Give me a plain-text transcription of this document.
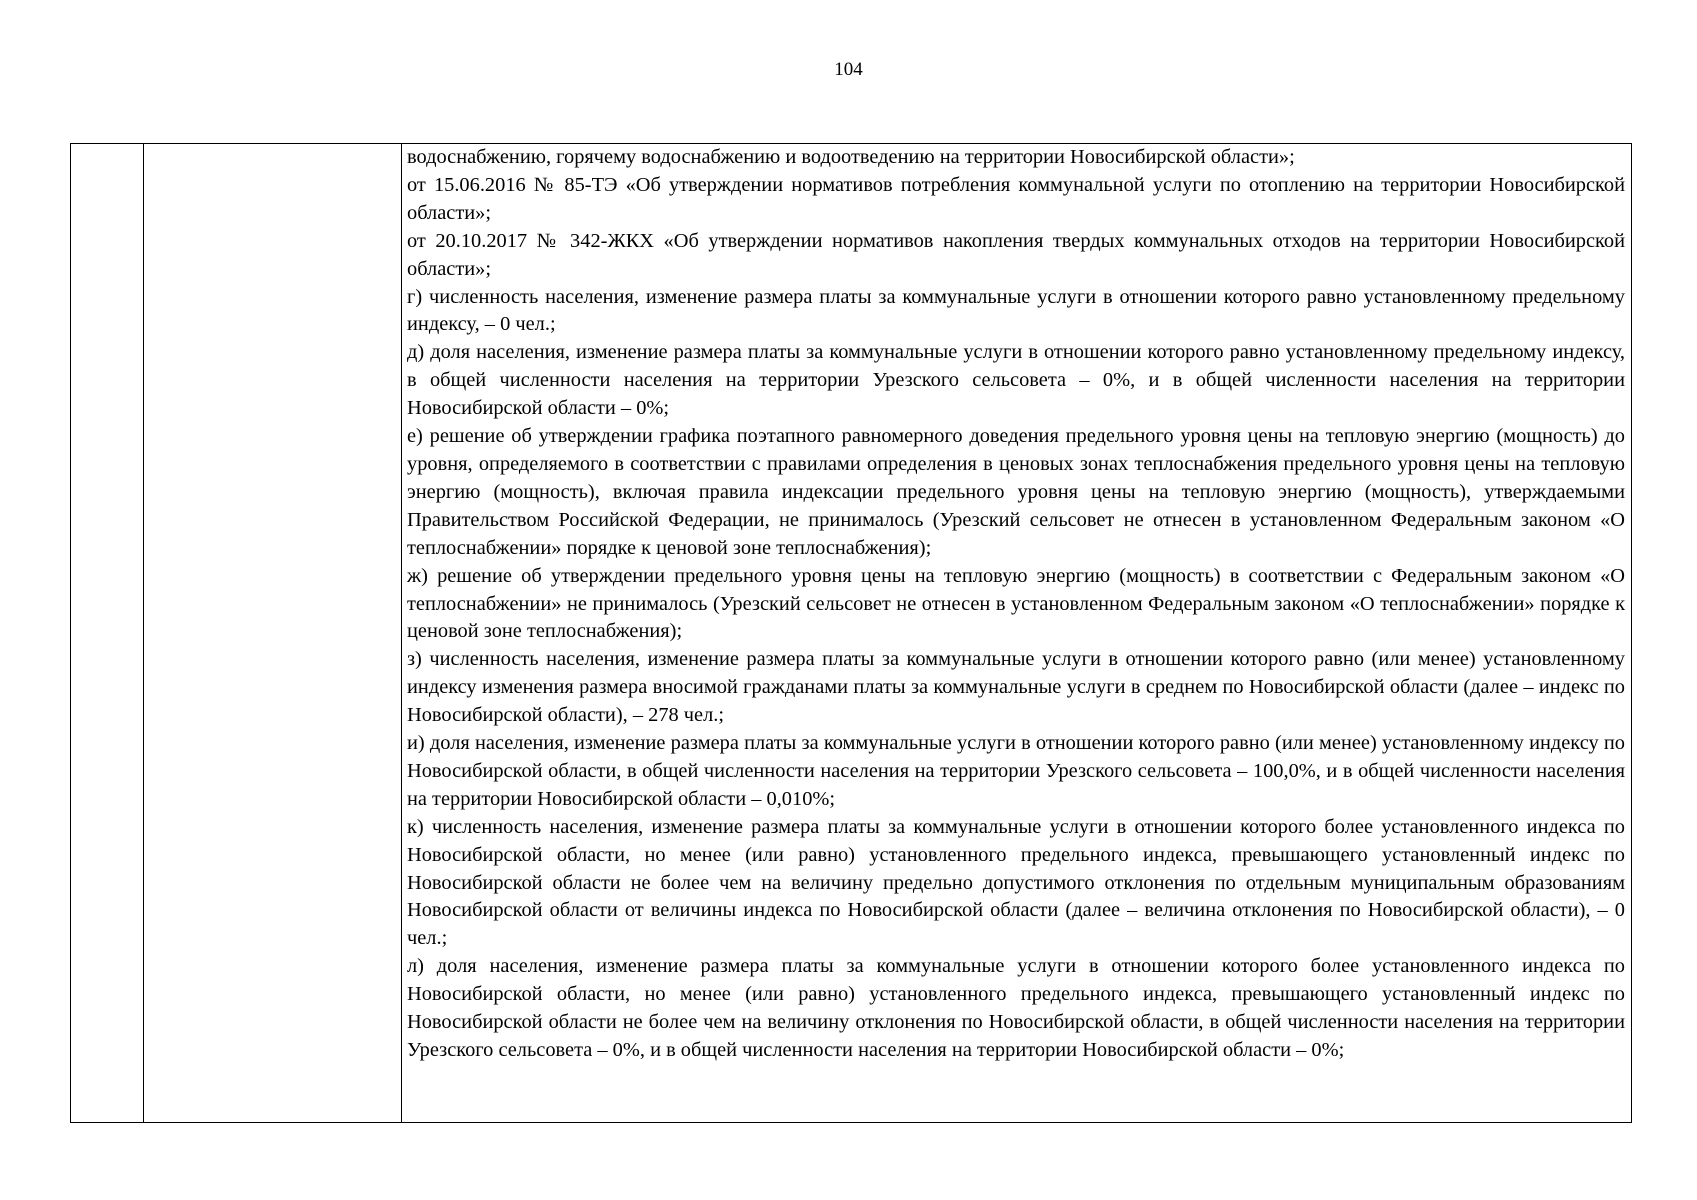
104

водоснабжению, горячему водоснабжению и водоотведению на территории Новосибирской области»;

от 15.06.2016 № 85-ТЭ «Об утверждении нормативов потребления коммунальной услуги по отоплению на территории Новосибирской области»;

от 20.10.2017 № 342-ЖКХ «Об утверждении нормативов накопления твердых коммунальных отходов на территории Новосибирской области»;

г) численность населения, изменение размера платы за коммунальные услуги в отношении которого равно установленному предельному индексу, – 0 чел.;

д) доля населения, изменение размера платы за коммунальные услуги в отношении которого равно установленному предельному индексу, в общей численности населения на территории Урезского сельсовета – 0%, и в общей численности населения на территории Новосибирской области – 0%;

е) решение об утверждении графика поэтапного равномерного доведения предельного уровня цены на тепловую энергию (мощность) до уровня, определяемого в соответствии с правилами определения в ценовых зонах теплоснабжения предельного уровня цены на тепловую энергию (мощность), включая правила индексации предельного уровня цены на тепловую энергию (мощность), утверждаемыми Правительством Российской Федерации, не принималось (Урезский сельсовет не отнесен в установленном Федеральным законом «О теплоснабжении» порядке к ценовой зоне теплоснабжения);

ж) решение об утверждении предельного уровня цены на тепловую энергию (мощность) в соответствии с Федеральным законом «О теплоснабжении» не принималось (Урезский сельсовет не отнесен в установленном Федеральным законом «О теплоснабжении» порядке к ценовой зоне теплоснабжения);

з) численность населения, изменение размера платы за коммунальные услуги в отношении которого равно (или менее) установленному индексу изменения размера вносимой гражданами платы за коммунальные услуги в среднем по Новосибирской области (далее – индекс по Новосибирской области), – 278 чел.;

и) доля населения, изменение размера платы за коммунальные услуги в отношении которого равно (или менее) установленному индексу по Новосибирской области, в общей численности населения на территории Урезского сельсовета – 100,0%, и в общей численности населения на территории Новосибирской области – 0,010%;

к) численность населения, изменение размера платы за коммунальные услуги в отношении которого более установленного индекса по Новосибирской области, но менее (или равно) установленного предельного индекса, превышающего установленный индекс по Новосибирской области не более чем на величину предельно допустимого отклонения по отдельным муниципальным образованиям Новосибирской области от величины индекса по Новосибирской области (далее – величина отклонения по Новосибирской области), – 0 чел.;

л) доля населения, изменение размера платы за коммунальные услуги в отношении которого более установленного индекса по Новосибирской области, но менее (или равно) установленного предельного индекса, превышающего установленный индекс по Новосибирской области не более чем на величину отклонения по Новосибирской области, в общей численности населения на территории Урезского сельсовета – 0%, и в общей численности населения на территории Новосибирской области – 0%;
